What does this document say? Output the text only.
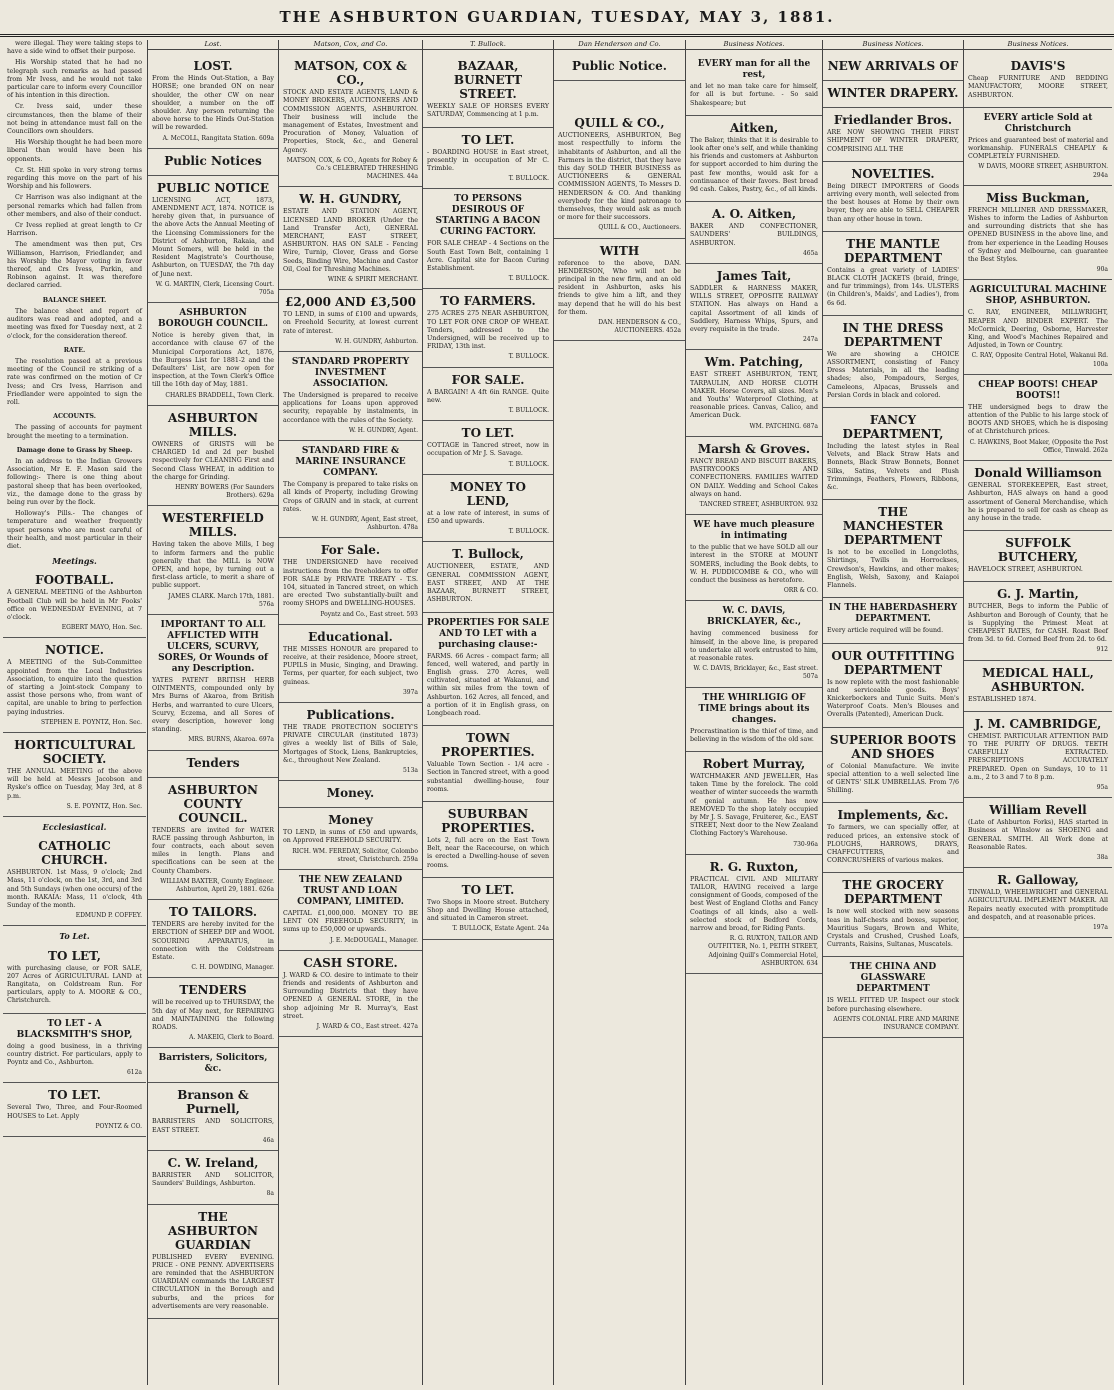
THE ASHBURTON GUARDIAN, TUESDAY, MAY 3, 1881.

were illegal. They were taking steps to have a side wind to offset their purpose.

His Worship stated that he had no telegraph such remarks as had passed from Mr Ivess, and he would not take particular care to inform every Councillor of his intention in this direction.

Cr. Ivess said, under these circumstances, then the blame of their not being in attendance must fall on the Councillors own shoulders.

His Worship thought he had been more liberal than would have been his opponents.

Cr. St. Hill spoke in very strong terms regarding this move on the part of his Worship and his followers.

Cr Harrison was also indignant at the personal remarks which had fallen from other members, and also of their conduct.

Cr Ivess replied at great length to Cr Harrison.

The amendment was then put, Crs Williamson, Harrison, Friedlander, and his Worship the Mayor voting in favor thereof, and Crs Ivess, Parkin, and Robinson against. It was therefore declared carried.

BALANCE SHEET.

The balance sheet and report of auditors was read and adopted, and a meeting was fixed for Tuesday next, at 2 o'clock, for the consideration thereof.

RATE.

The resolution passed at a previous meeting of the Council re striking of a rate was confirmed on the motion of Cr Ivess; and Crs Ivess, Harrison and Friedlander were appointed to sign the roll.

ACCOUNTS.

The passing of accounts for payment brought the meeting to a termination.

Damage done to Grass by Sheep.

In an address to the Indian Growers Association, Mr E. F. Mason said the following:- There is one thing about pastoral sheep that has been overlooked, viz., the damage done to the grass by being run over by the flock.

Holloway's Pills.- The changes of temperature and weather frequently upset persons who are most careful of their health, and most particular in their diet.

Meetings.
FOOTBALL.
A GENERAL MEETING of the Ashburton Football Club will be held in Mr Fooks' office on WEDNESDAY EVENING, at 7 o'clock.
EGBERT MAYO, Hon. Sec.
NOTICE.
A MEETING of the Sub-Committee appointed from the Local Industries Association, to enquire into the question of starting a Joint-stock Company to assist those persons who, from want of capital, are unable to bring to perfection paying industries.
STEPHEN E. POYNTZ, Hon. Sec.
HORTICULTURAL SOCIETY.
THE ANNUAL MEETING of the above will be held at Messrs Jacobson and Ryske's office on Tuesday, May 3rd, at 8 p.m.
S. E. POYNTZ, Hon. Sec.
Ecclesiastical.
CATHOLIC CHURCH.
ASHBURTON. 1st Mass, 9 o'clock; 2nd Mass, 11 o'clock, on the 1st, 3rd, and 3rd and 5th Sundays (when one occurs) of the month. RAKAIA: Mass, 11 o'clock, 4th Sunday of the month.
EDMUND P. COFFEY.
To Let.
TO LET,
with purchasing clause, or FOR SALE, 207 Acres of AGRICULTURAL LAND at Rangitata, on Coldstream Run. For particulars, apply to A. MOORE & CO., Christchurch.
TO LET - A BLACKSMITH'S SHOP,
doing a good business, in a thriving country district. For particulars, apply to Poyntz and Co., Ashburton.
612a
TO LET.
Several Two, Three, and Four-Roomed HOUSES to Let. Apply
POYNTZ & CO.
Lost.
LOST.
From the Hinds Out-Station, a Bay HORSE; one branded ON on near shoulder, the other CW on near shoulder, a number on the off shoulder. Any person returning the above horse to the Hinds Out-Station will be rewarded.
A. McCOLL, Rangitata Station. 609a
Public Notices
PUBLIC NOTICE
LICENSING ACT, 1873, AMENDMENT ACT, 1874. NOTICE is hereby given that, in pursuance of the above Acts the Annual Meeting of the Licensing Commissioners for the District of Ashburton, Rakaia, and Mount Somers, will be held in the Resident Magistrate's Courthouse, Ashburton, on TUESDAY, the 7th day of June next.
W. G. MARTIN, Clerk, Licensing Court. 705a
ASHBURTON BOROUGH COUNCIL.
Notice is hereby given that, in accordance with clause 67 of the Municipal Corporations Act, 1876, the Burgess List for 1881-2 and the Defaulters' List, are now open for inspection, at the Town Clerk's Office till the 16th day of May, 1881.
CHARLES BRADDELL, Town Clerk.
ASHBURTON MILLS.
OWNERS of GRISTS will be CHARGED 1d and 2d per bushel respectively for CLEANING First and Second Class WHEAT, in addition to the charge for Grinding.
HENRY BOWERS (For Saunders Brothers). 629a
WESTERFIELD MILLS.
Having taken the above Mills, I beg to inform farmers and the public generally that the MILL is NOW OPEN, and hope, by turning out a first-class article, to merit a share of public support.
JAMES CLARK. March 17th, 1881. 576a
IMPORTANT TO ALL AFFLICTED WITH ULCERS, SCURVY, SORES, Or Wounds of any Description.
YATES PATENT BRITISH HERB OINTMENTS, compounded only by Mrs Burns of Akaroa, from British Herbs, and warranted to cure Ulcers, Scurvy, Eczema, and all Sores of every description, however long standing.
MRS. BURNS, Akaroa. 697a
Tenders
ASHBURTON COUNTY COUNCIL.
TENDERS are invited for WATER RACE passing through Ashburton, in four contracts, each about seven miles in length. Plans and specifications can be seen at the County Chambers.
WILLIAM BAXTER, County Engineer. Ashburton, April 29, 1881. 626a
TO TAILORS.
TENDERS are hereby invited for the ERECTION of SHEEP DIP and WOOL SCOURING APPARATUS, in connection with the Coldstream Estate.
C. H. DOWDING, Manager.
TENDERS
will be received up to THURSDAY, the 5th day of May next, for REPAIRING and MAINTAINING the following ROADS.
A. MAKEIG, Clerk to Board.
Barristers, Solicitors, &c.
Branson & Purnell,
BARRISTERS AND SOLICITORS, EAST STREET.
46a
C. W. Ireland,
BARRISTER AND SOLICITOR, Saunders' Buildings, Ashburton.
8a
THE ASHBURTON GUARDIAN
PUBLISHED EVERY EVENING. PRICE - ONE PENNY. ADVERTISERS are reminded that the ASHBURTON GUARDIAN commands the LARGEST CIRCULATION in the Borough and suburbs, and the prices for advertisements are very reasonable.
Matson, Cox, and Co.
MATSON, COX & CO.,
STOCK AND ESTATE AGENTS, LAND & MONEY BROKERS, AUCTIONEERS AND COMMISSION AGENTS, ASHBURTON. Their business will include the management of Estates, Investment and Procuration of Money, Valuation of Properties, Stock, &c., and General Agency.
MATSON, COX, & CO., Agents for Robey & Co.'s CELEBRATED THRESHING MACHINES. 44a
W. H. GUNDRY,
ESTATE AND STATION AGENT, LICENSED LAND BROKER (Under the Land Transfer Act), GENERAL MERCHANT, EAST STREET, ASHBURTON. HAS ON SALE - Fencing Wire, Turnip, Clover, Grass and Gorse Seeds, Binding Wire, Machine and Castor Oil, Coal for Threshing Machines.
WINE & SPIRIT MERCHANT.
£2,000 AND £3,500
TO LEND, in sums of £100 and upwards, on Freehold Security, at lowest current rate of interest.
W. H. GUNDRY, Ashburton.
STANDARD PROPERTY INVESTMENT ASSOCIATION.
The Undersigned is prepared to receive applications for Loans upon approved security, repayable by instalments, in accordance with the rules of the Society.
W. H. GUNDRY, Agent.
STANDARD FIRE & MARINE INSURANCE COMPANY.
The Company is prepared to take risks on all kinds of Property, including Growing Crops of GRAIN and in stack, at current rates.
W. H. GUNDRY, Agent, East street, Ashburton. 478a
For Sale.
THE UNDERSIGNED have received instructions from the freeholders to offer FOR SALE by PRIVATE TREATY - T.S. 104, situated in Tancred street, on which are erected Two substantially-built and roomy SHOPS and DWELLING-HOUSES.
Poyntz and Co., East street. 593
Educational.
THE MISSES HONOUR are prepared to receive, at their residence, Moore street, PUPILS in Music, Singing, and Drawing. Terms, per quarter, for each subject, two guineas.
397a
Publications.
THE TRADE PROTECTION SOCIETY'S PRIVATE CIRCULAR (instituted 1873) gives a weekly list of Bills of Sale, Mortgages of Stock, Liens, Bankruptcies, &c., throughout New Zealand.
513a
Money.
Money
TO LEND, in sums of £50 and upwards, on Approved FREEHOLD SECURITY.
RICH. WM. FEREDAY, Solicitor, Colombo street, Christchurch. 259a
THE NEW ZEALAND TRUST AND LOAN COMPANY, LIMITED.
CAPITAL £1,000,000. MONEY TO BE LENT ON FREEHOLD SECURITY, in sums up to £50,000 or upwards.
J. E. McDOUGALL, Manager.
CASH STORE.
J. WARD & CO. desire to intimate to their friends and residents of Ashburton and Surrounding Districts that they have OPENED A GENERAL STORE, in the shop adjoining Mr R. Murray's, East street.
J. WARD & CO., East street. 427a
T. Bullock.
BAZAAR, BURNETT STREET.
WEEKLY SALE OF HORSES EVERY SATURDAY, Commencing at 1 p.m.
TO LET.
- BOARDING HOUSE in East street, presently in occupation of Mr C. Trimble.
T. BULLOCK.
TO PERSONS DESIROUS OF STARTING A BACON CURING FACTORY.
FOR SALE CHEAP - 4 Sections on the South East Town Belt, containing 1 Acre. Capital site for Bacon Curing Establishment.
T. BULLOCK.
TO FARMERS.
275 ACRES 275 NEAR ASHBURTON, TO LET FOR ONE CROP OF WHEAT. Tenders, addressed to the Undersigned, will be received up to FRIDAY, 13th inst.
T. BULLOCK.
FOR SALE.
A BARGAIN! A 4ft 6in RANGE. Quite new.
T. BULLOCK.
TO LET.
COTTAGE in Tancred street, now in occupation of Mr J. S. Savage.
T. BULLOCK.
MONEY TO LEND,
at a low rate of interest, in sums of £50 and upwards.
T. BULLOCK.
T. Bullock,
AUCTIONEER, ESTATE, AND GENERAL COMMISSION AGENT, EAST STREET, AND AT THE BAZAAR, BURNETT STREET, ASHBURTON.
PROPERTIES FOR SALE AND TO LET with a purchasing clause:-
FARMS. 66 Acres - compact farm; all fenced, well watered, and partly in English grass. 270 Acres, well cultivated, situated at Wakanui, and within six miles from the town of Ashburton. 162 Acres, all fenced, and a portion of it in English grass, on Longbeach road.
TOWN PROPERTIES.
Valuable Town Section - 1/4 acre - Section in Tancred street, with a good substantial dwelling-house, four rooms.
SUBURBAN PROPERTIES.
Lots 2, full acre on the East Town Belt, near the Racecourse, on which is erected a Dwelling-house of seven rooms.
TO LET.
Two Shops in Moore street. Butchery Shop and Dwelling House attached, and situated in Cameron street.
T. BULLOCK, Estate Agent. 24a
Dan Henderson and Co.
Public Notice.
QUILL & CO.,
AUCTIONEERS, ASHBURTON, Beg most respectfully to inform the inhabitants of Ashburton, and all the Farmers in the district, that they have this day SOLD THEIR BUSINESS as AUCTIONEERS & GENERAL COMMISSION AGENTS, To Messrs D. HENDERSON & CO. And thanking everybody for the kind patronage to themselves, they would ask as much or more for their successors.
QUILL & CO., Auctioneers.
WITH
reference to the above, DAN. HENDERSON, Who will not be principal in the new firm, and an old resident in Ashburton, asks his friends to give him a lift, and they may depend that he will do his best for them.
DAN. HENDERSON & CO., AUCTIONEERS. 452a
Business Notices.
EVERY man for all the rest,
and let no man take care for himself, for all is but fortune. - So said Shakespeare; but
Aitken,
The Baker, thinks that it is desirable to look after one's self, and while thanking his friends and customers at Ashburton for support accorded to him during the past few months, would ask for a continuance of their favors. Best bread 9d cash. Cakes, Pastry, &c., of all kinds.
A. O. Aitken,
BAKER AND CONFECTIONER, SAUNDERS' BUILDINGS, ASHBURTON.
465a
James Tait,
SADDLER & HARNESS MAKER, WILLS STREET, OPPOSITE RAILWAY STATION. Has always on Hand a capital Assortment of all kinds of Saddlery, Harness Whips, Spurs, and every requisite in the trade.
247a
Wm. Patching,
EAST STREET ASHBURTON, TENT, TARPAULIN, AND HORSE CLOTH MAKER. Horse Covers, all sizes. Men's and Youths' Waterproof Clothing, at reasonable prices. Canvas, Calico, and American Duck.
WM. PATCHING. 687a
Marsh & Groves.
FANCY BREAD AND BISCUIT BAKERS, PASTRYCOOKS AND CONFECTIONERS. FAMILIES WAITED ON DAILY. Wedding and School Cakes always on hand.
TANCRED STREET, ASHBURTON. 932
WE have much pleasure in intimating
to the public that we have SOLD all our interest in the STORE at MOUNT SOMERS, including the Book debts, to W. H. PUDDICOMBE & CO., who will conduct the business as heretofore.
ORR & CO.
W. C. DAVIS, BRICKLAYER, &c.,
having commenced business for himself, in the above line, is prepared to undertake all work entrusted to him, at reasonable rates.
W. C. DAVIS, Bricklayer, &c., East street. 507a
THE WHIRLIGIG OF TIME brings about its changes.
Procrastination is the thief of time, and believing in the wisdom of the old saw.
Robert Murray,
WATCHMAKER AND JEWELLER, Has taken Time by the forelock. The cold weather of winter succeeds the warmth of genial autumn. He has now REMOVED To the shop lately occupied by Mr J. S. Savage, Fruiterer, &c., EAST STREET, Next door to the New Zealand Clothing Factory's Warehouse.
730-96a
R. G. Ruxton,
PRACTICAL CIVIL AND MILITARY TAILOR, HAVING received a large consignment of Goods, composed of the best West of England Cloths and Fancy Coatings of all kinds, also a well-selected stock of Bedford Cords, narrow and broad, for Riding Pants.
R. G. RUXTON, TAILOR AND OUTFITTER, No. 1, PEITH STREET, Adjoining Quill's Commercial Hotel, ASHBURTON. 634
Business Notices.
NEW ARRIVALS OF
WINTER DRAPERY.
Friedlander Bros.
ARE NOW SHOWING THEIR FIRST SHIPMENT OF WINTER DRAPERY, COMPRISING ALL THE
NOVELTIES.
Being DIRECT IMPORTERS of Goods arriving every month, well selected from the best houses at Home by their own buyer, they are able to SELL CHEAPER than any other house in town.
THE MANTLE DEPARTMENT
Contains a great variety of LADIES' BLACK CLOTH JACKETS (braid, fringe, and fur trimmings), from 14s. ULSTERS (in Children's, Maids', and Ladies'), from 6s 6d.
IN THE DRESS DEPARTMENT
We are showing a CHOICE ASSORTMENT, consisting of Fancy Dress Materials, in all the leading shades; also, Pompadours, Serges, Cameleons, Alpacas, Brussels and Persian Cords in black and colored.
FANCY DEPARTMENT,
Including the latest styles in Real Velvets, and Black Straw Hats and Bonnets, Black Straw Bonnets, Bonnet Silks, Satins, Velvets and Plush Trimmings, Feathers, Flowers, Ribbons, &c.
THE MANCHESTER DEPARTMENT
Is not to be excelled in Longcloths, Shirtings, Twills in Horrockses, Crewdson's, Hawkins, and other makes; English, Welsh, Saxony, and Kaiapoi Flannels.
IN THE HABERDASHERY DEPARTMENT.
Every article required will be found.
OUR OUTFITTING DEPARTMENT
Is now replete with the most fashionable and serviceable goods. Boys' Knickerbockers and Tunic Suits. Men's Waterproof Coats. Men's Blouses and Overalls (Patented), American Duck.
SUPERIOR BOOTS AND SHOES
of Colonial Manufacture. We invite special attention to a well selected line of GENTS' SILK UMBRELLAS. From 7/6 Shilling.
Implements, &c.
To farmers, we can specially offer, at reduced prices, an extensive stock of PLOUGHS, HARROWS, DRAYS, CHAFFCUTTERS, and CORNCRUSHERS of various makes.
THE GROCERY DEPARTMENT
Is now well stocked with new seasons teas in half-chests and boxes, superior, Mauritius Sugars, Brown and White, Crystals and Crushed, Crushed Loafs, Currants, Raisins, Sultanas, Muscatels.
THE CHINA AND GLASSWARE DEPARTMENT
IS WELL FITTED UP. Inspect our stock before purchasing elsewhere.
AGENTS COLONIAL FIRE AND MARINE INSURANCE COMPANY.
Business Notices.
DAVIS'S
Cheap FURNITURE AND BEDDING MANUFACTORY, MOORE STREET, ASHBURTON.
EVERY article Sold at Christchurch
Prices and guaranteed best of material and workmanship. FUNERALS CHEAPLY & COMPLETELY FURNISHED.
W DAVIS, MOORE STREET, ASHBURTON. 294a
Miss Buckman,
FRENCH MILLINER AND DRESSMAKER, Wishes to inform the Ladies of Ashburton and surrounding districts that she has OPENED BUSINESS in the above line, and from her experience in the Leading Houses of Sydney and Melbourne, can guarantee the Best Styles.
90a
AGRICULTURAL MACHINE SHOP, ASHBURTON.
C. RAY, ENGINEER, MILLWRIGHT, REAPER AND BINDER EXPERT. The McCormick, Deering, Osborne, Harvester King, and Wood's Machines Repaired and Adjusted, in Town or Country.
C. RAY, Opposite Central Hotel, Wakanui Rd. 100a
CHEAP BOOTS! CHEAP BOOTS!!
THE undersigned begs to draw the attention of the Public to his large stock of BOOTS AND SHOES, which he is disposing of at Christchurch prices.
C. HAWKINS, Boot Maker, (Opposite the Post Office, Tinwald. 262a
Donald Williamson
GENERAL STOREKEEPER, East street, Ashburton, HAS always on hand a good assortment of General Merchandise, which he is prepared to sell for cash as cheap as any house in the trade.
SUFFOLK BUTCHERY,
HAVELOCK STREET, ASHBURTON.
G. J. Martin,
BUTCHER, Begs to inform the Public of Ashburton and Borough of County, that he is Supplying the Primest Meat at CHEAPEST RATES, for CASH. Roast Beef from 3d. to 6d. Corned Beef from 2d. to 6d.
912
MEDICAL HALL, ASHBURTON.
ESTABLISHED 1874.
J. M. CAMBRIDGE,
CHEMIST. PARTICULAR ATTENTION PAID TO THE PURITY OF DRUGS. TEETH CAREFULLY EXTRACTED. PRESCRIPTIONS ACCURATELY PREPARED. Open on Sundays, 10 to 11 a.m., 2 to 3 and 7 to 8 p.m.
95a
William Revell
(Late of Ashburton Forks), HAS started in Business at Winslow as SHOEING and GENERAL SMITH. All Work done at Reasonable Rates.
38a
R. Galloway,
TINWALD, WHEELWRIGHT and GENERAL AGRICULTURAL IMPLEMENT MAKER. All Repairs neatly executed with promptitude and despatch, and at reasonable prices.
197a
